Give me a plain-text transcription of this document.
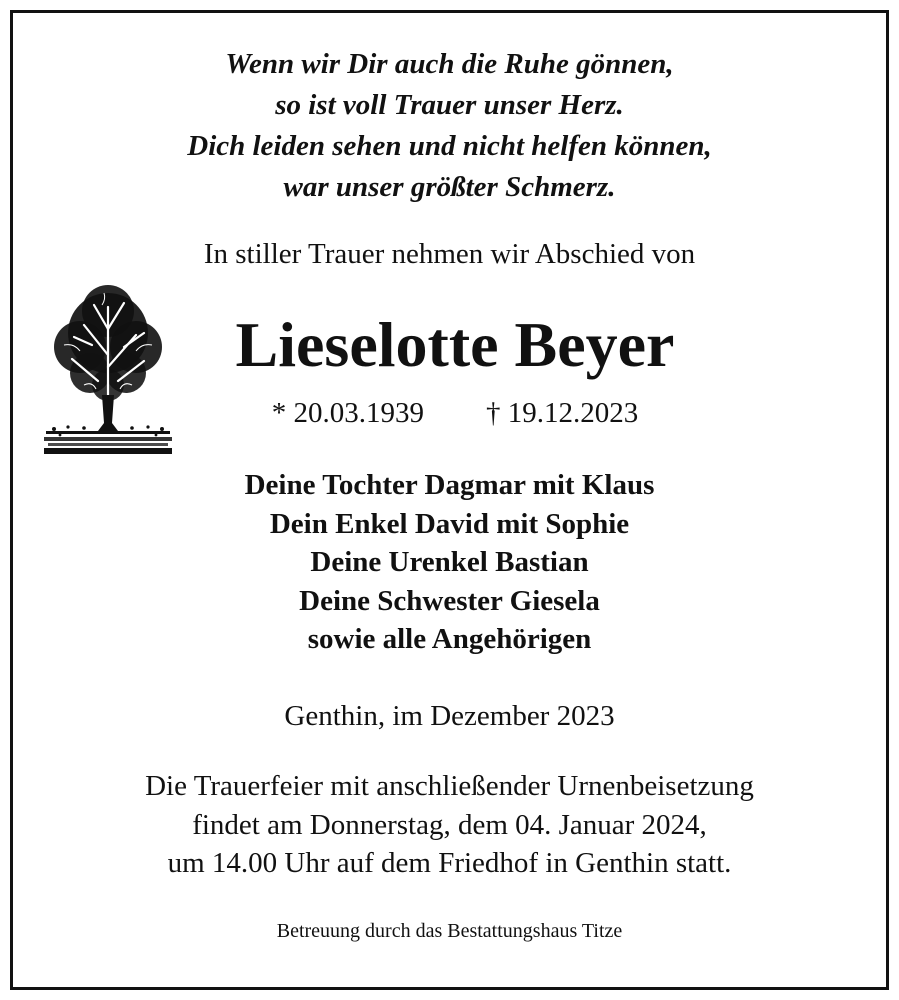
Wenn wir Dir auch die Ruhe gönnen,
so ist voll Trauer unser Herz.
Dich leiden sehen und nicht helfen können,
war unser größter Schmerz.

In stiller Trauer nehmen wir Abschied von

Lieselotte Beyer
* 20.03.1939 † 19.12.2023
Deine Tochter Dagmar mit Klaus
Dein Enkel David mit Sophie
Deine Urenkel Bastian
Deine Schwester Giesela
sowie alle Angehörigen

Genthin, im Dezember 2023

Die Trauerfeier mit anschließender Urnenbeisetzung
findet am Donnerstag, dem 04. Januar 2024,
um 14.00 Uhr auf dem Friedhof in Genthin statt.

Betreuung durch das Bestattungshaus Titze
